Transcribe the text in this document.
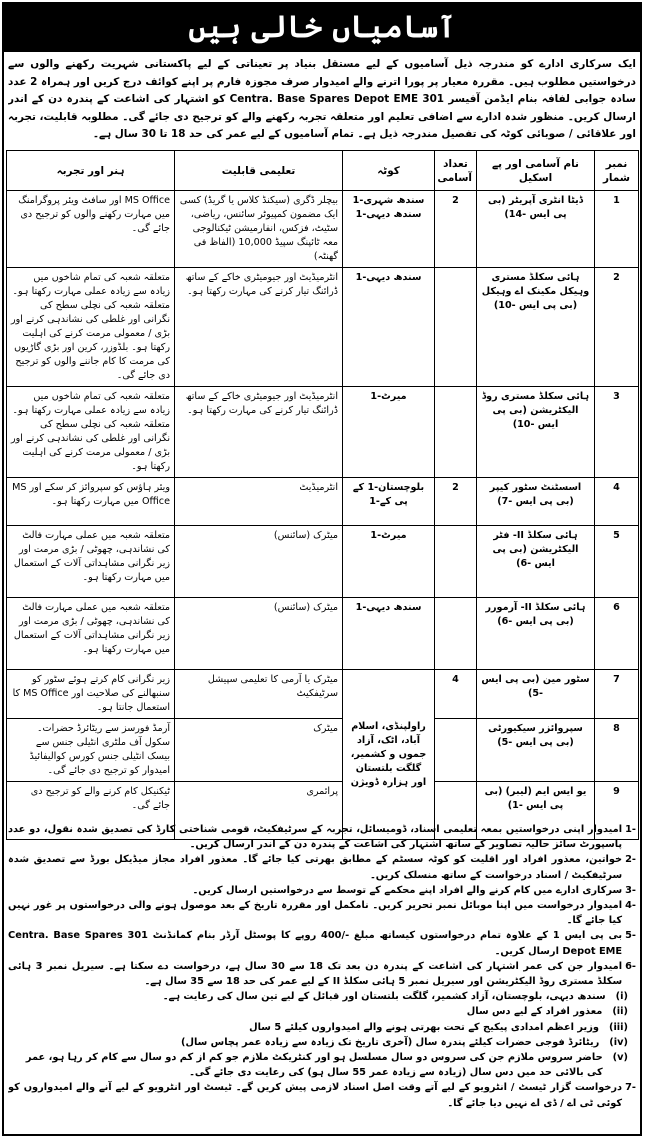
آسامیاں خالی ہیں
ایک سرکاری ادارے کو مندرجہ ذیل آسامیوں کے لیے مستقل بنیاد پر تعیناتی کے لیے پاکستانی شہریت رکھنے والوں سے درخواستیں مطلوب ہیں۔ مقررہ معیار پر پورا اترنے والے امیدوار صرف مجوزہ فارم پر اپنے کوائف درج کریں اور ہمراہ 2 عدد سادہ جوابی لفافہ بنام ایڈمن آفیسر 301 Centra. Base Spares Depot EME کو اشتہار کی اشاعت کے پندرہ دن کے اندر ارسال کریں۔ منظور شدہ ادارے سے اضافی تعلیم اور متعلقہ تجربہ رکھنے والے کو ترجیح دی جائے گی۔ مطلوبہ قابلیت، تجربہ اور علاقائی / صوبائی کوٹہ کی تفصیل مندرجہ ذیل ہے۔ تمام آسامیوں کے لیے عمر کی حد 18 تا 30 سال ہے۔
نمبر شمار	نام آسامی اور پے اسکیل	تعداد آسامی	کوٹہ	تعلیمی قابلیت	ہنر اور تجربہ
1	ڈیٹا انٹری آپریٹر (بی پی ایس -14)	2	سندھ شہری-1 سندھ دیہی-1	بیچلر ڈگری (سیکنڈ کلاس یا گریڈ) کسی ایک مضمون کمپیوٹر سائنس، ریاضی، سٹیٹ، فزکس، انفارمیشن ٹیکنالوجی معہ ٹائپنگ سپیڈ 10,000 (الفاظ فی گھنٹہ)	MS Office اور سافٹ ویئر پروگرامنگ میں مہارت رکھنے والوں کو ترجیح دی جائے گی۔
2	ہائی سکلڈ مستری وہیکل مکینک اے وہیکل (بی پی ایس -10)		سندھ دیہی-1	انٹرمیڈیٹ اور جیومیٹری خاکے کے ساتھ ڈرائنگ تیار کرنے کی مہارت رکھتا ہو۔	متعلقہ شعبہ کی تمام شاخوں میں زیادہ سے زیادہ عملی مہارت رکھتا ہو۔ متعلقہ شعبہ کی نچلی سطح کی نگرانی اور غلطی کی نشاندہی کرنے اور بڑی / معمولی مرمت کرنے کی اہلیت رکھتا ہو۔ بلڈوزر، کرین اور بڑی گاڑیوں کی مرمت کا کام جاننے والوں کو ترجیح دی جائے گی۔
3	ہائی سکلڈ مستری روڈ الیکٹریشن (بی پی ایس -10)		میرٹ-1	انٹرمیڈیٹ اور جیومیٹری خاکے کے ساتھ ڈرائنگ تیار کرنے کی مہارت رکھتا ہو۔	متعلقہ شعبہ کی تمام شاخوں میں زیادہ سے زیادہ عملی مہارت رکھتا ہو۔ متعلقہ شعبہ کی نچلی سطح کی نگرانی اور غلطی کی نشاندہی کرنے اور بڑی / معمولی مرمت کرنے کی اہلیت رکھتا ہو۔
4	اسسٹنٹ سٹور کیپر (بی پی ایس -7)	2	بلوچستان-1 کے پی کے-1	انٹرمیڈیٹ	ویئر ہاؤس کو سپروائز کر سکے اور MS Office میں مہارت رکھتا ہو۔
5	ہائی سکلڈ II- فٹر الیکٹریشن (بی پی ایس -6)		میرٹ-1	میٹرک (سائنس)	متعلقہ شعبہ میں عملی مہارت فالٹ کی نشاندہی، چھوٹی / بڑی مرمت اور زیر نگرانی مشاہداتی آلات کے استعمال میں مہارت رکھتا ہو۔
6	ہائی سکلڈ II- آرمورر (بی پی ایس -6)		سندھ دیہی-1	میٹرک (سائنس)	متعلقہ شعبہ میں عملی مہارت فالٹ کی نشاندہی، چھوٹی / بڑی مرمت اور زیر نگرانی مشاہداتی آلات کے استعمال میں مہارت رکھتا ہو۔
7	سٹور مین (بی پی ایس -5)	4	راولپنڈی، اسلام آباد، اٹک، آزاد جموں و کشمیر، گلگت بلتستان اور ہزارہ ڈویژن	میٹرک یا آرمی کا تعلیمی سپیشل سرٹیفکیٹ	زیر نگرانی کام کرتے ہوئے سٹور کو سنبھالنے کی صلاحیت اور MS Office کا استعمال جانتا ہو۔
8	سپروائزر سیکیورٹی (بی پی ایس -5)			میٹرک	آرمڈ فورسز سے ریٹائرڈ حضرات۔ سکول آف ملٹری انٹیلی جنس سے بیسک انٹیلی جنس کورس کوالیفائیڈ امیدوار کو ترجیح دی جائے گی۔
9	یو ایس ایم (لیبر) (بی پی ایس -1)			پرائمری	ٹیکنیکل کام کرنے والے کو ترجیح دی جائے گی۔
-1
امیدوار اپنی درخواستیں بمعہ تعلیمی اسناد، ڈومیسائل، تجربہ کے سرٹیفکیٹ، قومی شناختی کارڈ کی تصدیق شدہ نقول، دو عدد پاسپورٹ سائز حالیہ تصاویر کے ساتھ اشتہار کی اشاعت کے پندرہ دن کے اندر ارسال کریں۔
-2
خواتین، معذور افراد اور اقلیت کو کوٹہ سسٹم کے مطابق بھرتی کیا جائے گا۔ معذور افراد مجاز میڈیکل بورڈ سے تصدیق شدہ سرٹیفکیٹ / اسناد درخواست کے ساتھ منسلک کریں۔
-3
سرکاری ادارے میں کام کرنے والے افراد اپنے محکمے کے توسط سے درخواستیں ارسال کریں۔
-4
امیدوار درخواست میں اپنا موبائل نمبر تحریر کریں۔ نامکمل اور مقررہ تاریخ کے بعد موصول ہونے والی درخواستوں پر غور نہیں کیا جائے گا۔
-5
بی پی ایس 1 کے علاوہ تمام درخواستوں کیساتھ مبلغ -/400 روپے کا پوسٹل آرڈر بنام کمانڈنٹ 301 Centra. Base Spares Depot EME ارسال کریں۔
-6
امیدوار جن کی عمر اشتہار کی اشاعت کے پندرہ دن بعد تک 18 سے 30 سال ہے، درخواست دے سکتا ہے۔ سیریل نمبر 3 ہائی سکلڈ مستری روڈ الیکٹریشن اور سیریل نمبر 5 ہائی سکلڈ II کے لیے عمر کی حد 18 سے 35 سال ہے۔
(i)
سندھ دیہی، بلوچستان، آزاد کشمیر، گلگت بلتستان اور قبائل کے لیے تین سال کی رعایت ہے۔
(ii)
معذور افراد کے لیے دس سال
(iii)
وزیر اعظم امدادی پیکیج کے تحت بھرتی ہونے والے امیدواروں کیلئے 5 سال
(iv)
ریٹائرڈ فوجی حضرات کیلئے پندرہ سال (آخری تاریخ تک زیادہ سے زیادہ عمر پچاس سال)
(v)
حاضر سروس ملازم جن کی سروس دو سال مسلسل ہو اور کنٹریکٹ ملازم جو کم از کم دو سال سے کام کر رہا ہو، عمر کی بالائی حد میں دس سال (زیادہ سے زیادہ عمر 55 سال ہو) کی رعایت دی جائے گی۔
-7
درخواست گزار ٹیسٹ / انٹرویو کے لیے آتے وقت اصل اسناد لازمی پیش کریں گے۔ ٹیسٹ اور انٹرویو کے لیے آنے والے امیدواروں کو کوئی ٹی اے / ڈی اے نہیں دیا جائے گا۔
